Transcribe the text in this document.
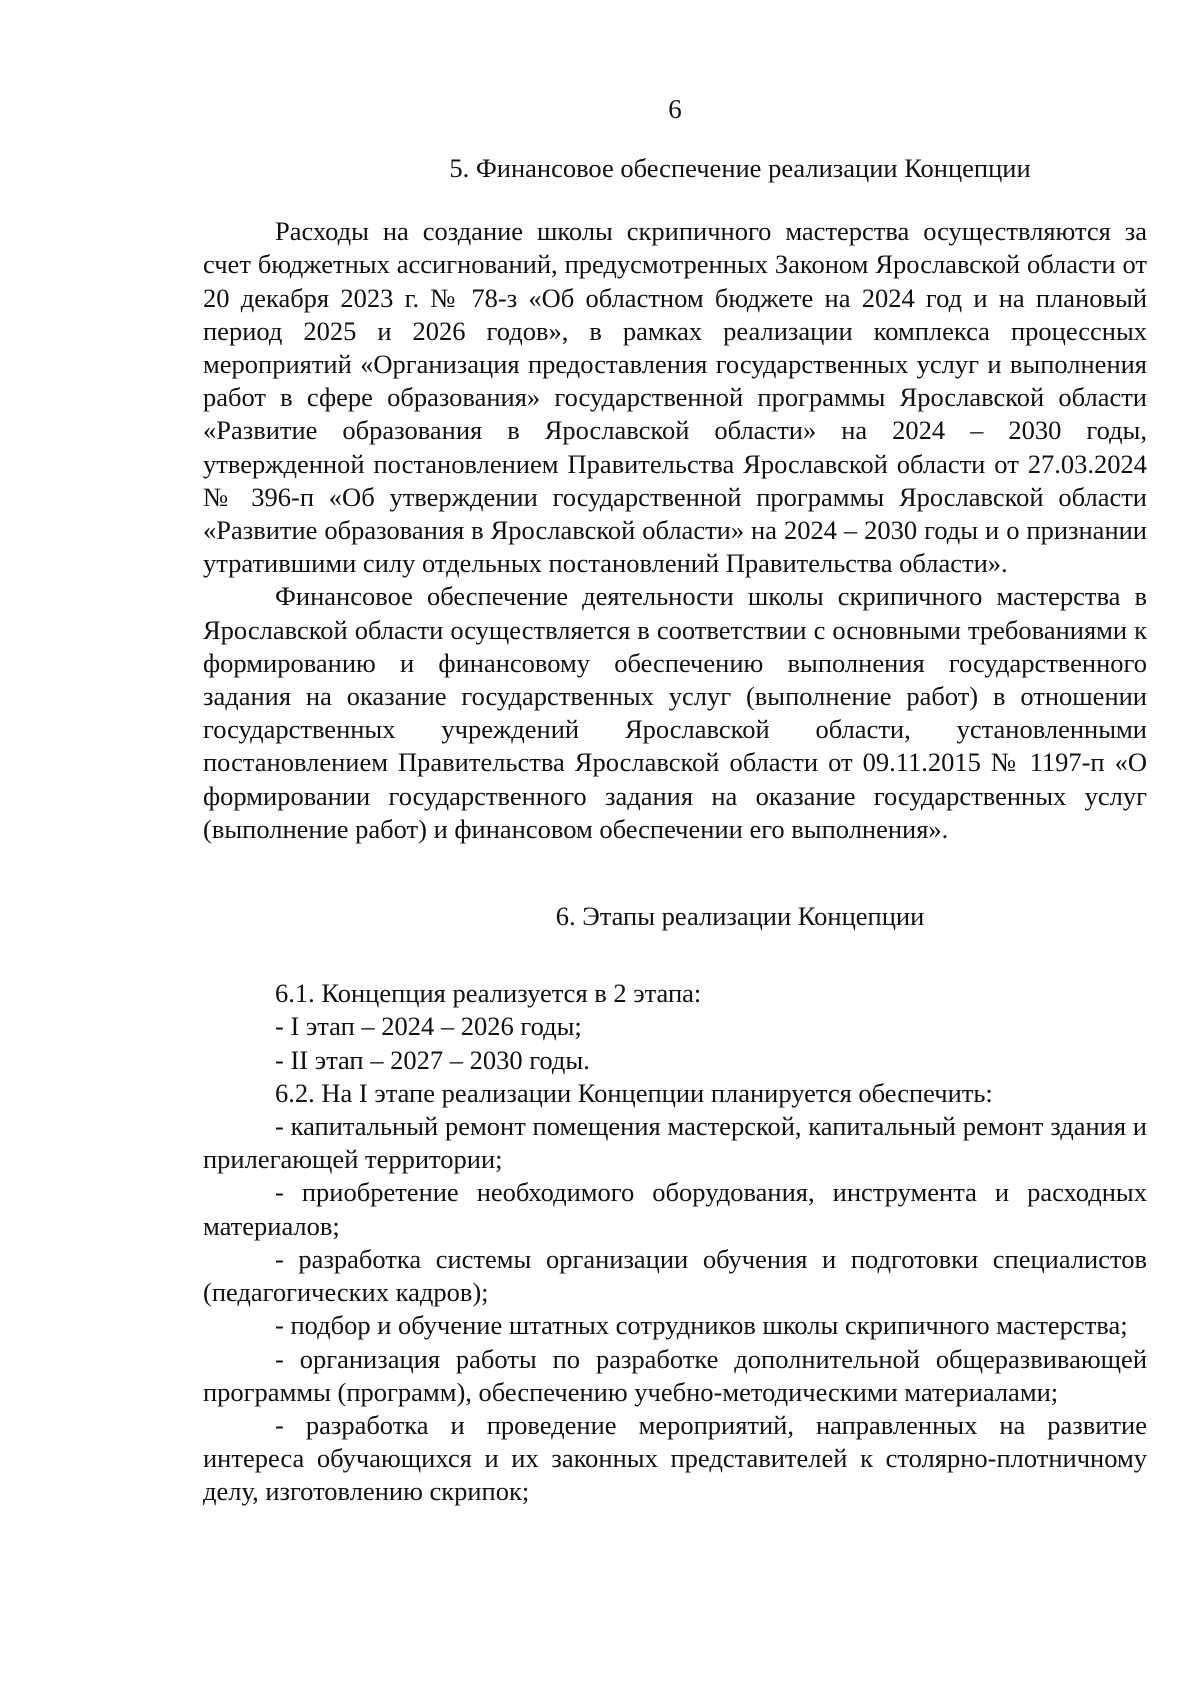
6
5. Финансовое обеспечение реализации Концепции

Расходы на создание школы скрипичного мастерства осуществляются за счет бюджетных ассигнований, предусмотренных Законом Ярославской области от 20 декабря 2023 г. № 78-з «Об областном бюджете на 2024 год и на плановый период 2025 и 2026 годов», в рамках реализации комплекса процессных мероприятий «Организация предоставления государственных услуг и выполнения работ в сфере образования» государственной программы Ярославской области «Развитие образования в Ярославской области» на 2024 – 2030 годы, утвержденной постановлением Правительства Ярославской области от 27.03.2024 № 396-п «Об утверждении государственной программы Ярославской области «Развитие образования в Ярославской области» на 2024 – 2030 годы и о признании утратившими силу отдельных постановлений Правительства области».

Финансовое обеспечение деятельности школы скрипичного мастерства в Ярославской области осуществляется в соответствии с основными требованиями к формированию и финансовому обеспечению выполнения государственного задания на оказание государственных услуг (выполнение работ) в отношении государственных учреждений Ярославской области, установленными постановлением Правительства Ярославской области от 09.11.2015 № 1197-п «О формировании государственного задания на оказание государственных услуг (выполнение работ) и финансовом обеспечении его выполнения».

6. Этапы реализации Концепции

6.1. Концепция реализуется в 2 этапа:

- I этап – 2024 – 2026 годы;

- II этап – 2027 – 2030 годы.

6.2. На I этапе реализации Концепции планируется обеспечить:

- капитальный ремонт помещения мастерской, капитальный ремонт здания и прилегающей территории;

- приобретение необходимого оборудования, инструмента и расходных материалов;

- разработка системы организации обучения и подготовки специалистов (педагогических кадров);

- подбор и обучение штатных сотрудников школы скрипичного мастерства;

- организация работы по разработке дополнительной общеразвивающей программы (программ), обеспечению учебно-методическими материалами;

- разработка и проведение мероприятий, направленных на развитие интереса обучающихся и их законных представителей к столярно-плотничному делу, изготовлению скрипок;
